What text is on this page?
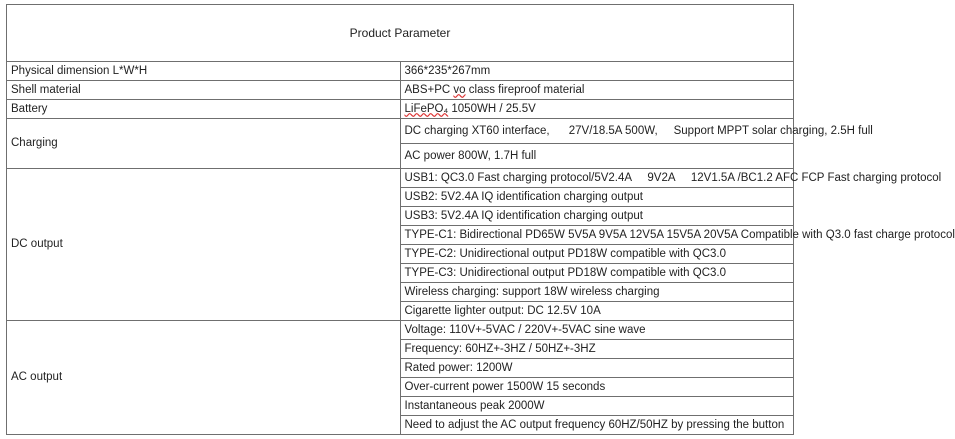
Product Parameter	
Physical dimension L*W*H	366*235*267mm
Shell material	ABS+PC vo class fireproof material
Battery	LiFePO₄ 1050WH / 25.5V
Charging	DC charging XT60 interface,      27V/18.5A 500W,     Support MPPT solar charging, 2.5H full
	AC power 800W, 1.7H full
DC output	USB1: QC3.0 Fast charging protocol/5V2.4A     9V2A     12V1.5A /BC1.2 AFC FCP Fast charging protocol
	USB2: 5V2.4A IQ identification charging output
	USB3: 5V2.4A IQ identification charging output
	TYPE-C1: Bidirectional PD65W 5V5A 9V5A 12V5A 15V5A 20V5A Compatible with Q3.0 fast charge protocol
	TYPE-C2: Unidirectional output PD18W compatible with QC3.0
	TYPE-C3: Unidirectional output PD18W compatible with QC3.0
	Wireless charging: support 18W wireless charging
	Cigarette lighter output: DC 12.5V 10A
AC output	Voltage: 110V+-5VAC / 220V+-5VAC sine wave
	Frequency: 60HZ+-3HZ / 50HZ+-3HZ
	Rated power: 1200W
	Over-current power 1500W 15 seconds
	Instantaneous peak 2000W
	Need to adjust the AC output frequency 60HZ/50HZ by pressing the button
